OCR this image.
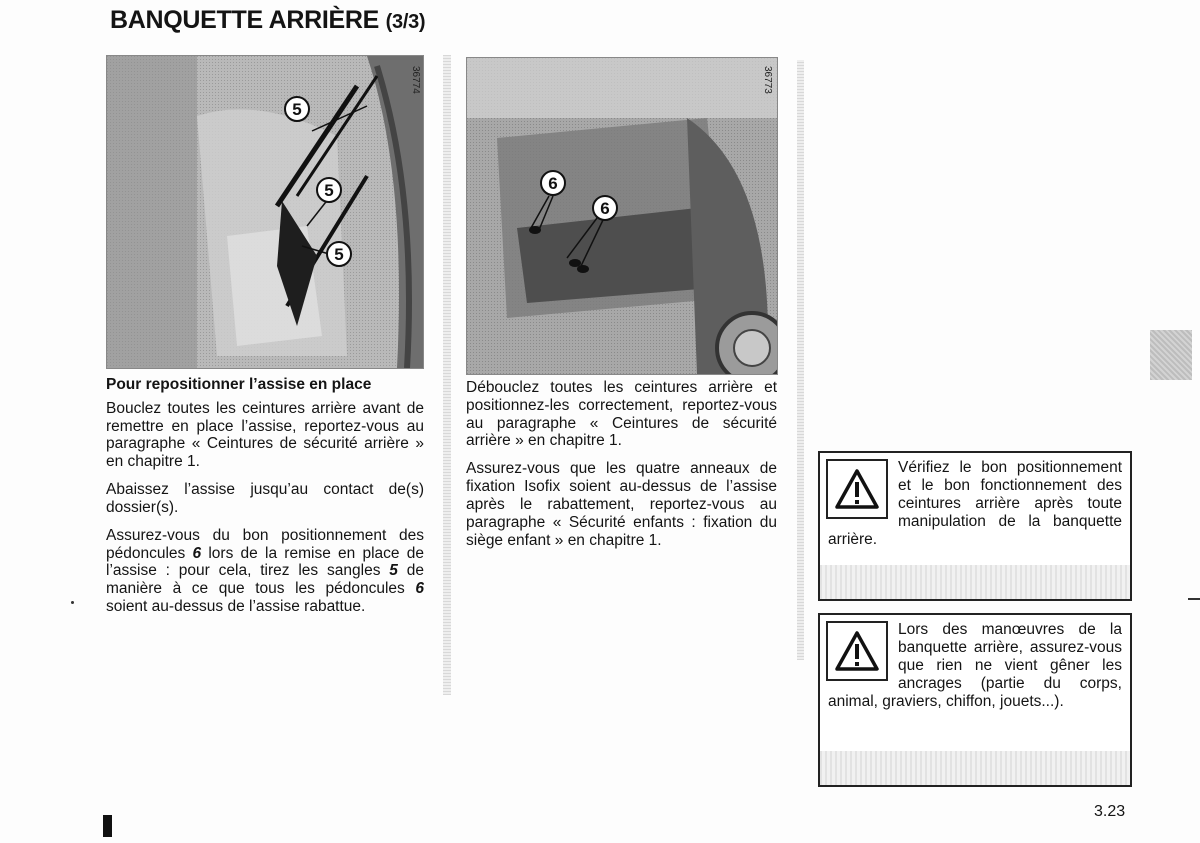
BANQUETTE ARRIÈRE (3/3)
5
5
5
36774
6
6
36773

Pour repositionner l’assise en place

Bouclez toutes les ceintures arrière avant de remettre en place l’assise, reportez-vous au paragraphe « Ceintures de sécurité arrière » en chapitre 1.

Abaissez l’assise jusqu’au contact de(s) dossier(s).

Assurez-vous du bon positionnement des pédoncules 6 lors de la remise en place de l’assise : pour cela, tirez les sangles 5 de manière à ce que tous les pédoncules 6 soient au-dessus de l’assise rabattue.

Débouclez toutes les ceintures arrière et positionnez-les correctement, reportez-vous au paragraphe « Ceintures de sécurité arrière » en chapitre 1.

Assurez-vous que les quatre anneaux de fixation Isofix soient au-dessus de l’assise après le rabattement, reportez-vous au paragraphe « Sécurité enfants : fixation du siège enfant » en chapitre 1.

Vérifiez le bon positionnement et le bon fonctionnement des ceintures arrière après toute manipulation de la banquette arrière.
Lors des manœuvres de la banquette arrière, assurez-vous que rien ne vient gêner les ancrages (partie du corps, animal, graviers, chiffon, jouets...).
3.23
